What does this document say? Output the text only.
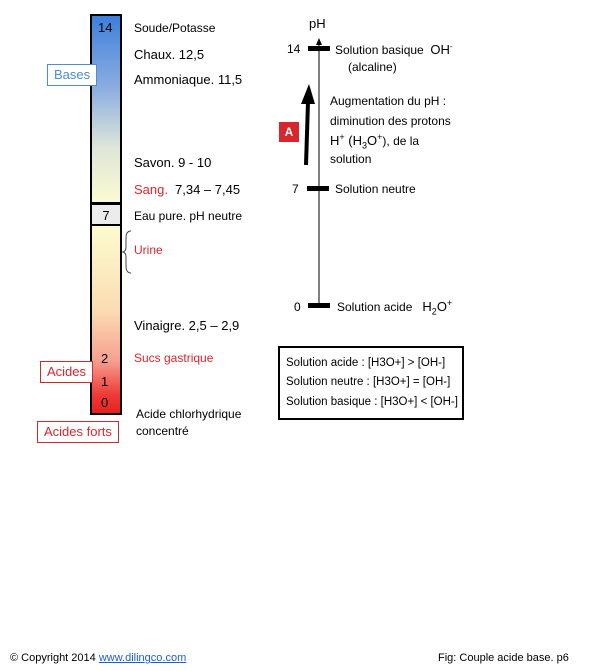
7
14
2
1
0
Bases
Acides
Acides forts
Soude/Potasse
Chaux. 12,5
Ammoniaque. 11,5
Savon. 9 - 10
Sang. 7,34 – 7,45
Eau pure. pH neutre
Urine
Vinaigre. 2,5 – 2,9
Sucs gastrique
Acide chlorhydrique
concentré
pH
14
7
0
Solution basique OH-
(alcaline)
Solution neutre
Solution acide $H_2O^+$
A
Augmentation du pH :
diminution des protons
H+ $(H_3O^+)$, de la
solution
Solution acide : [H3O+] > [OH-]
Solution neutre : [H3O+] = [OH-]
Solution basique : [H3O+] < [OH-]
© Copyright 2014 www.dilingco.com	Fig: Couple acide base. p6
